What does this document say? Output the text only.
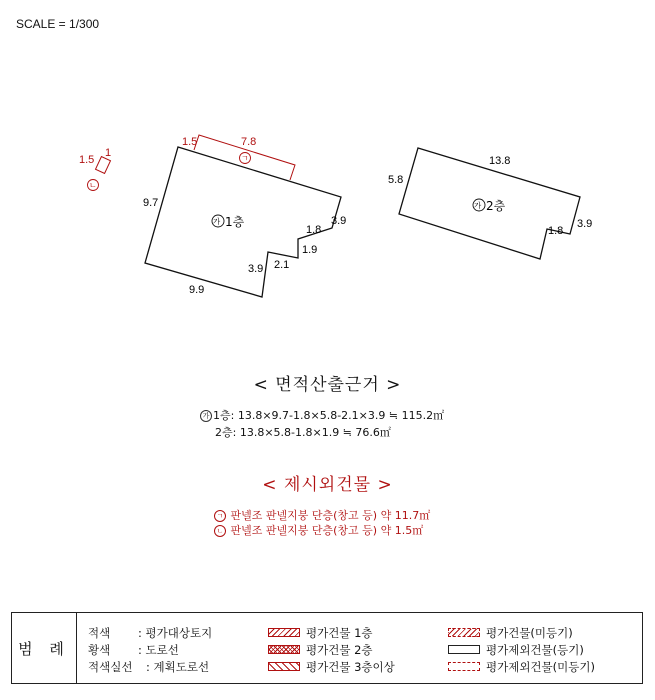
SCALE = 1/300
1.5	7.8
9.7
1.8
3.9
1.9
2.1
3.9
9.9
ㄱ
ㄴ
1.5
1
가 1층
13.8
5.8
3.9
1.8
가 2층
< 면적산출근거 >
가 1층: 13.8×9.7-1.8×5.8-2.1×3.9 ≒ 115.2㎡
2층: 13.8×5.8-1.8×1.9 ≒ 76.6㎡
< 제시외건물 >
ㄱ 판넬조 판넬지붕 단층(창고 등) 약 11.7㎡
ㄴ 판넬조 판넬지붕 단층(창고 등) 약 1.5㎡
범 례
적색 : 평가대상토지
황색 : 도로선
적색실선 : 계획도로선
평가건물 1층
평가건물 2층
평가건물 3층이상
평가건물(미등기)
평가제외건물(등기)
평가제외건물(미등기)
